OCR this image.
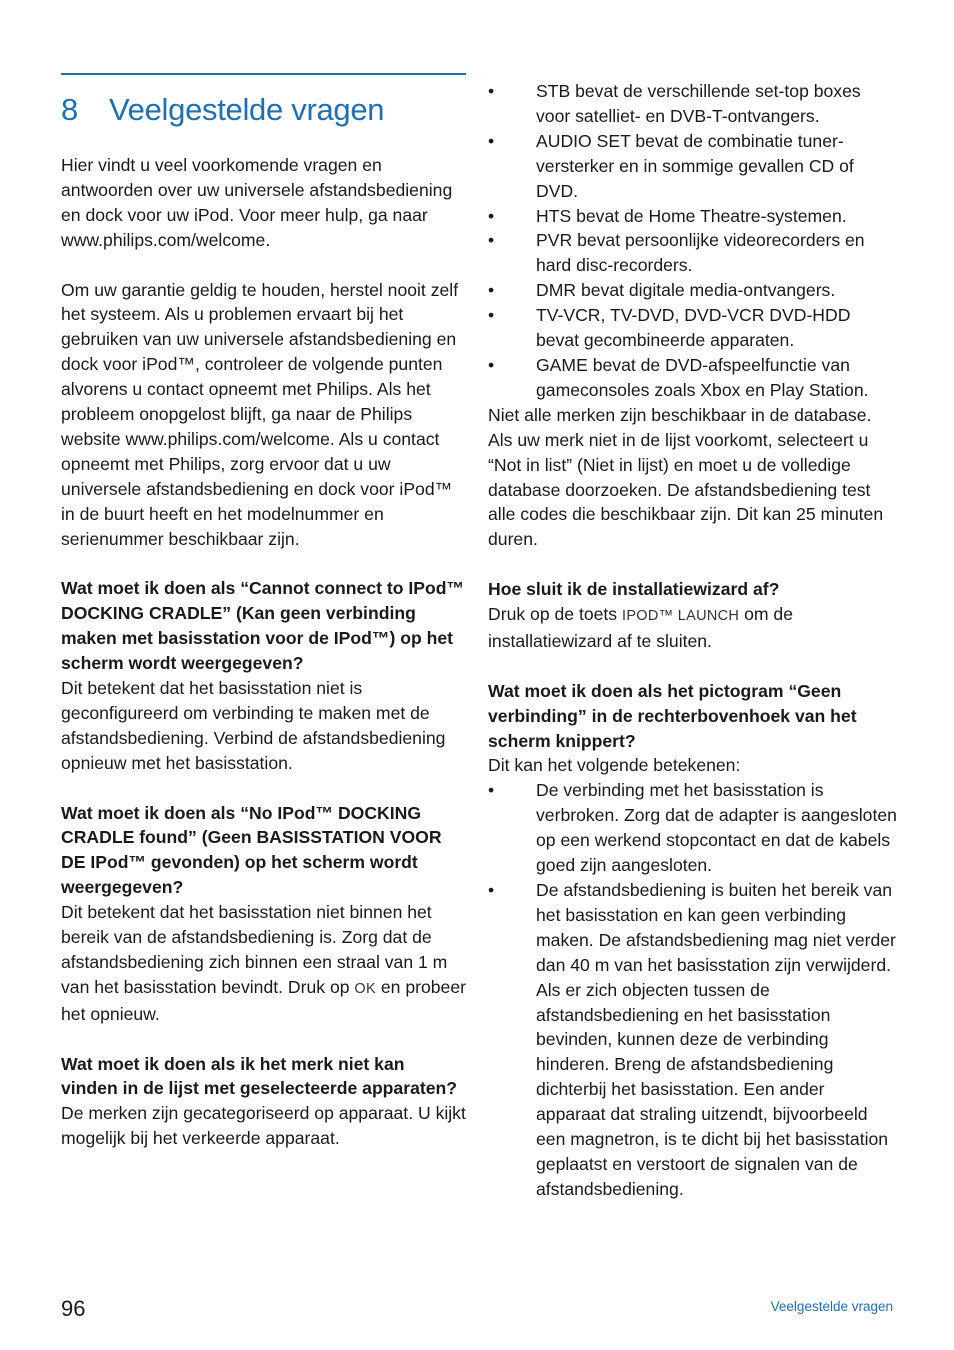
8 Veelgestelde vragen

Hier vindt u veel voorkomende vragen en antwoorden over uw universele afstandsbediening en dock voor uw iPod. Voor meer hulp, ga naar www.philips.com/welcome.

Om uw garantie geldig te houden, herstel nooit zelf het systeem. Als u problemen ervaart bij het gebruiken van uw universele afstandsbediening en dock voor iPod™, controleer de volgende punten alvorens u contact opneemt met Philips. Als het probleem onopgelost blijft, ga naar de Philips website www.philips.com/welcome. Als u contact opneemt met Philips, zorg ervoor dat u uw universele afstandsbediening en dock voor iPod™ in de buurt heeft en het modelnummer en serienummer beschikbaar zijn.

Wat moet ik doen als “Cannot connect to IPod™ DOCKING CRADLE” (Kan geen verbinding maken met basisstation voor de IPod™) op het scherm wordt weergegeven?

Dit betekent dat het basisstation niet is geconfigureerd om verbinding te maken met de afstandsbediening. Verbind de afstandsbediening opnieuw met het basisstation.

Wat moet ik doen als “No IPod™ DOCKING CRADLE found” (Geen BASISSTATION VOOR DE IPod™ gevonden) op het scherm wordt weergegeven?

Dit betekent dat het basisstation niet binnen het bereik van de afstandsbediening is. Zorg dat de afstandsbediening zich binnen een straal van 1 m van het basisstation bevindt. Druk op OK en probeer het opnieuw.

Wat moet ik doen als ik het merk niet kan vinden in de lijst met geselecteerde apparaten?

De merken zijn gecategoriseerd op apparaat. U kijkt mogelijk bij het verkeerde apparaat.

• STB bevat de verschillende set-top boxes voor satelliet- en DVB-T-ontvangers.
• AUDIO SET bevat de combinatie tuner-versterker en in sommige gevallen CD of DVD.
• HTS bevat de Home Theatre-systemen.
• PVR bevat persoonlijke videorecorders en hard disc-recorders.
• DMR bevat digitale media-ontvangers.
• TV-VCR, TV-DVD, DVD-VCR DVD-HDD bevat gecombineerde apparaten.
• GAME bevat de DVD-afspeelfunctie van gameconsoles zoals Xbox en Play Station.

Niet alle merken zijn beschikbaar in de database. Als uw merk niet in de lijst voorkomt, selecteert u “Not in list” (Niet in lijst) en moet u de volledige database doorzoeken. De afstandsbediening test alle codes die beschikbaar zijn. Dit kan 25 minuten duren.

Hoe sluit ik de installatiewizard af?

Druk op de toets IPOD™ LAUNCH om de installatiewizard af te sluiten.

Wat moet ik doen als het pictogram “Geen verbinding” in de rechterbovenhoek van het scherm knippert?

Dit kan het volgende betekenen:

• De verbinding met het basisstation is verbroken. Zorg dat de adapter is aangesloten op een werkend stopcontact en dat de kabels goed zijn aangesloten.
• De afstandsbediening is buiten het bereik van het basisstation en kan geen verbinding maken. De afstandsbediening mag niet verder dan 40 m van het basisstation zijn verwijderd. Als er zich objecten tussen de afstandsbediening en het basisstation bevinden, kunnen deze de verbinding hinderen. Breng de afstandsbediening dichterbij het basisstation. Een ander apparaat dat straling uitzendt, bijvoorbeeld een magnetron, is te dicht bij het basisstation geplaatst en verstoort de signalen van de afstandsbediening.
96	Veelgestelde vragen
